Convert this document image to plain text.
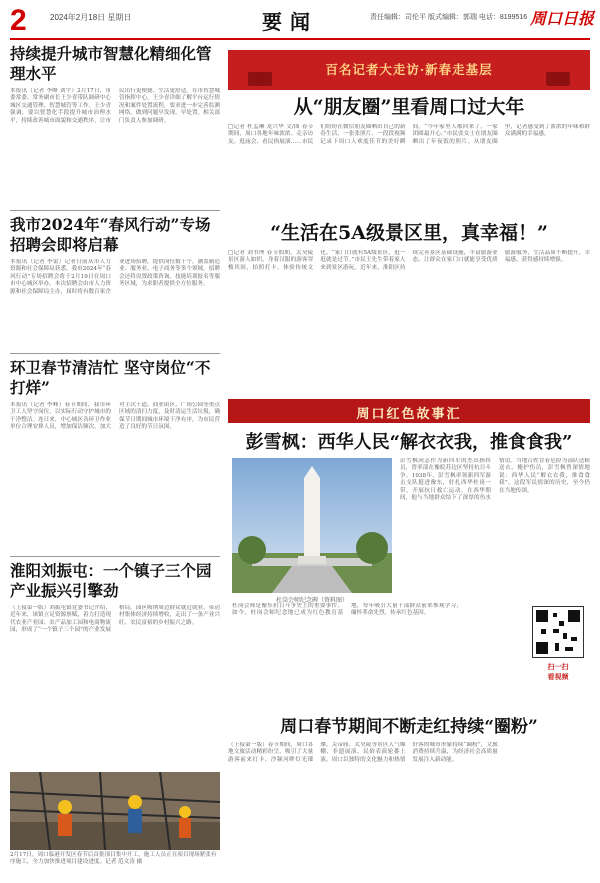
2	2024年2月18日 星期日	要闻	责任编辑：司伦平 版式编辑：郭瑞 电话：8199516 周口日报
持续提升城市智慧化精细化管理水平
本报讯（记者 李峰 刘宇）2月17日，市委常委、常务副市长王少青带队调研中心城区交通管理、智慧城管等工作。王少青强调，要以智慧化手段提升城市治理水平，持续改善城市面貌和交通秩序，让市民出行更便捷、生活更舒适。在市智慧城管指挥中心，王少青详细了解平台运行情况和案件处置流程，要求进一步完善监测网络，做到问题早发现、早处置。相关部门负责人参加调研。
我市2024年“春风行动”专场招聘会即将启幕
本报讯（记者 李蕾）记者日前从市人力资源和社会保障局获悉，我市2024年“春风行动”专场招聘会将于2月19日在周口市中心城区举办。本次招聘会由市人力资源和社会保障局主办，届时将有数百家企业进场招聘，提供岗位数千个，涵盖制造业、服务业、电子商务等多个领域。招聘会还将设置政策咨询、技能培训报名等服务区域，为求职者提供全方位服务。
环卫春节清洁忙 坚守岗位“不打烊”
本报讯（记者 李峰）春节期间，我市环卫工人坚守岗位，以实际行动守护城市的干净整洁。连日来，中心城区各环卫作业单位合理安排人员，增加保洁频次，加大对主次干道、商业街区、广场公园等重点区域的清扫力度，及时清运生活垃圾，确保节日期间城市环境干净有序，为市民营造了良好的节日氛围。
淮阳刘振屯：一个镇子三个园 产业振兴引擎劲
（上接第一版）刘振屯镇党委书记介绍，近年来，该镇立足资源禀赋，着力打造现代农业产业园、农产品加工园和电商物流园，形成了“一个镇子三个园”的产业发展格局。园区吸纳周边群众就近就业，带动村集体经济持续增收，走出了一条产业兴旺、农民富裕的乡村振兴之路。
2月17日，周口临港开发区春节后首批项目集中开工，施工人员正在项目现场紧张有序施工，全力加快推进项目建设进度。记者 范文涛 摄
百名记者大走访·新春走基层
从“朋友圈”里看周口过大年
□记者 杜孟琳 龙兴华 文/图 春节期间，周口各地年味浓浓。走亲访友、逛庙会、看民俗展演……市民们纷纷在微信朋友圈晒出自己的新春生活，一张张照片、一段段视频记录下周口人欢度佳节的美好瞬间。“今年家里人都回来了，一家团圆最开心。”市民张女士在朋友圈晒出了年夜饭的照片。从朋友圈里，记者感受到了浓浓的年味和群众满满的幸福感。
“生活在5A级景区里，真幸福！”
□记者 刘书博 春节假期，太昊陵景区游人如织，身着汉服的游客穿梭其间，拍照打卡，体验传统文化。“家门口就有5A级景区，逛一逛就是过节。”市民王先生带着家人来到景区游玩。近年来，淮阳区持续完善景区基础设施，丰富旅游业态，让群众在家门口就能享受优质旅游服务，生活品质不断提升，幸福感、获得感持续增强。
周口红色故事汇
彭雪枫：西华人民“解衣衣我，推食食我”
杜岗会师纪念碑（资料图）
彭雪枫同志作为新四军的杰出指挥员，曾率部在豫皖苏边区坚持抗日斗争。1938年，彭雪枫率领新四军游击支队挺进豫东，驻扎西华杜岗一带，开展抗日救亡运动。在西华期间，他与当地群众结下了深厚的鱼水情谊。当地百姓冒着危险为部队送粮送衣、掩护伤员，彭雪枫曾深情地说：西华人民“解衣衣我，推食食我”。这段军民情深的历史，至今仍在当地传颂。
杜岗会师是豫东抗日斗争史上的重要事件。如今，杜岗会师纪念地已成为红色教育基地，每年吸引大量干部群众前来参观学习，缅怀革命先烈，传承红色基因。
扫一扫
看视频
周口春节期间不断走红持续“圈粉”
（上接第一版）春节期间，周口各地文旅活动精彩纷呈，吸引了大量游客前来打卡。沙颍河畔灯光璀璨，关帝庙、太昊陵等景区人气爆棚，非遗展演、民俗表演轮番上演。周口以独特的文化魅力和热情好客的城市形象持续“圈粉”，文旅消费持续升温，为经济社会高质量发展注入新动能。
